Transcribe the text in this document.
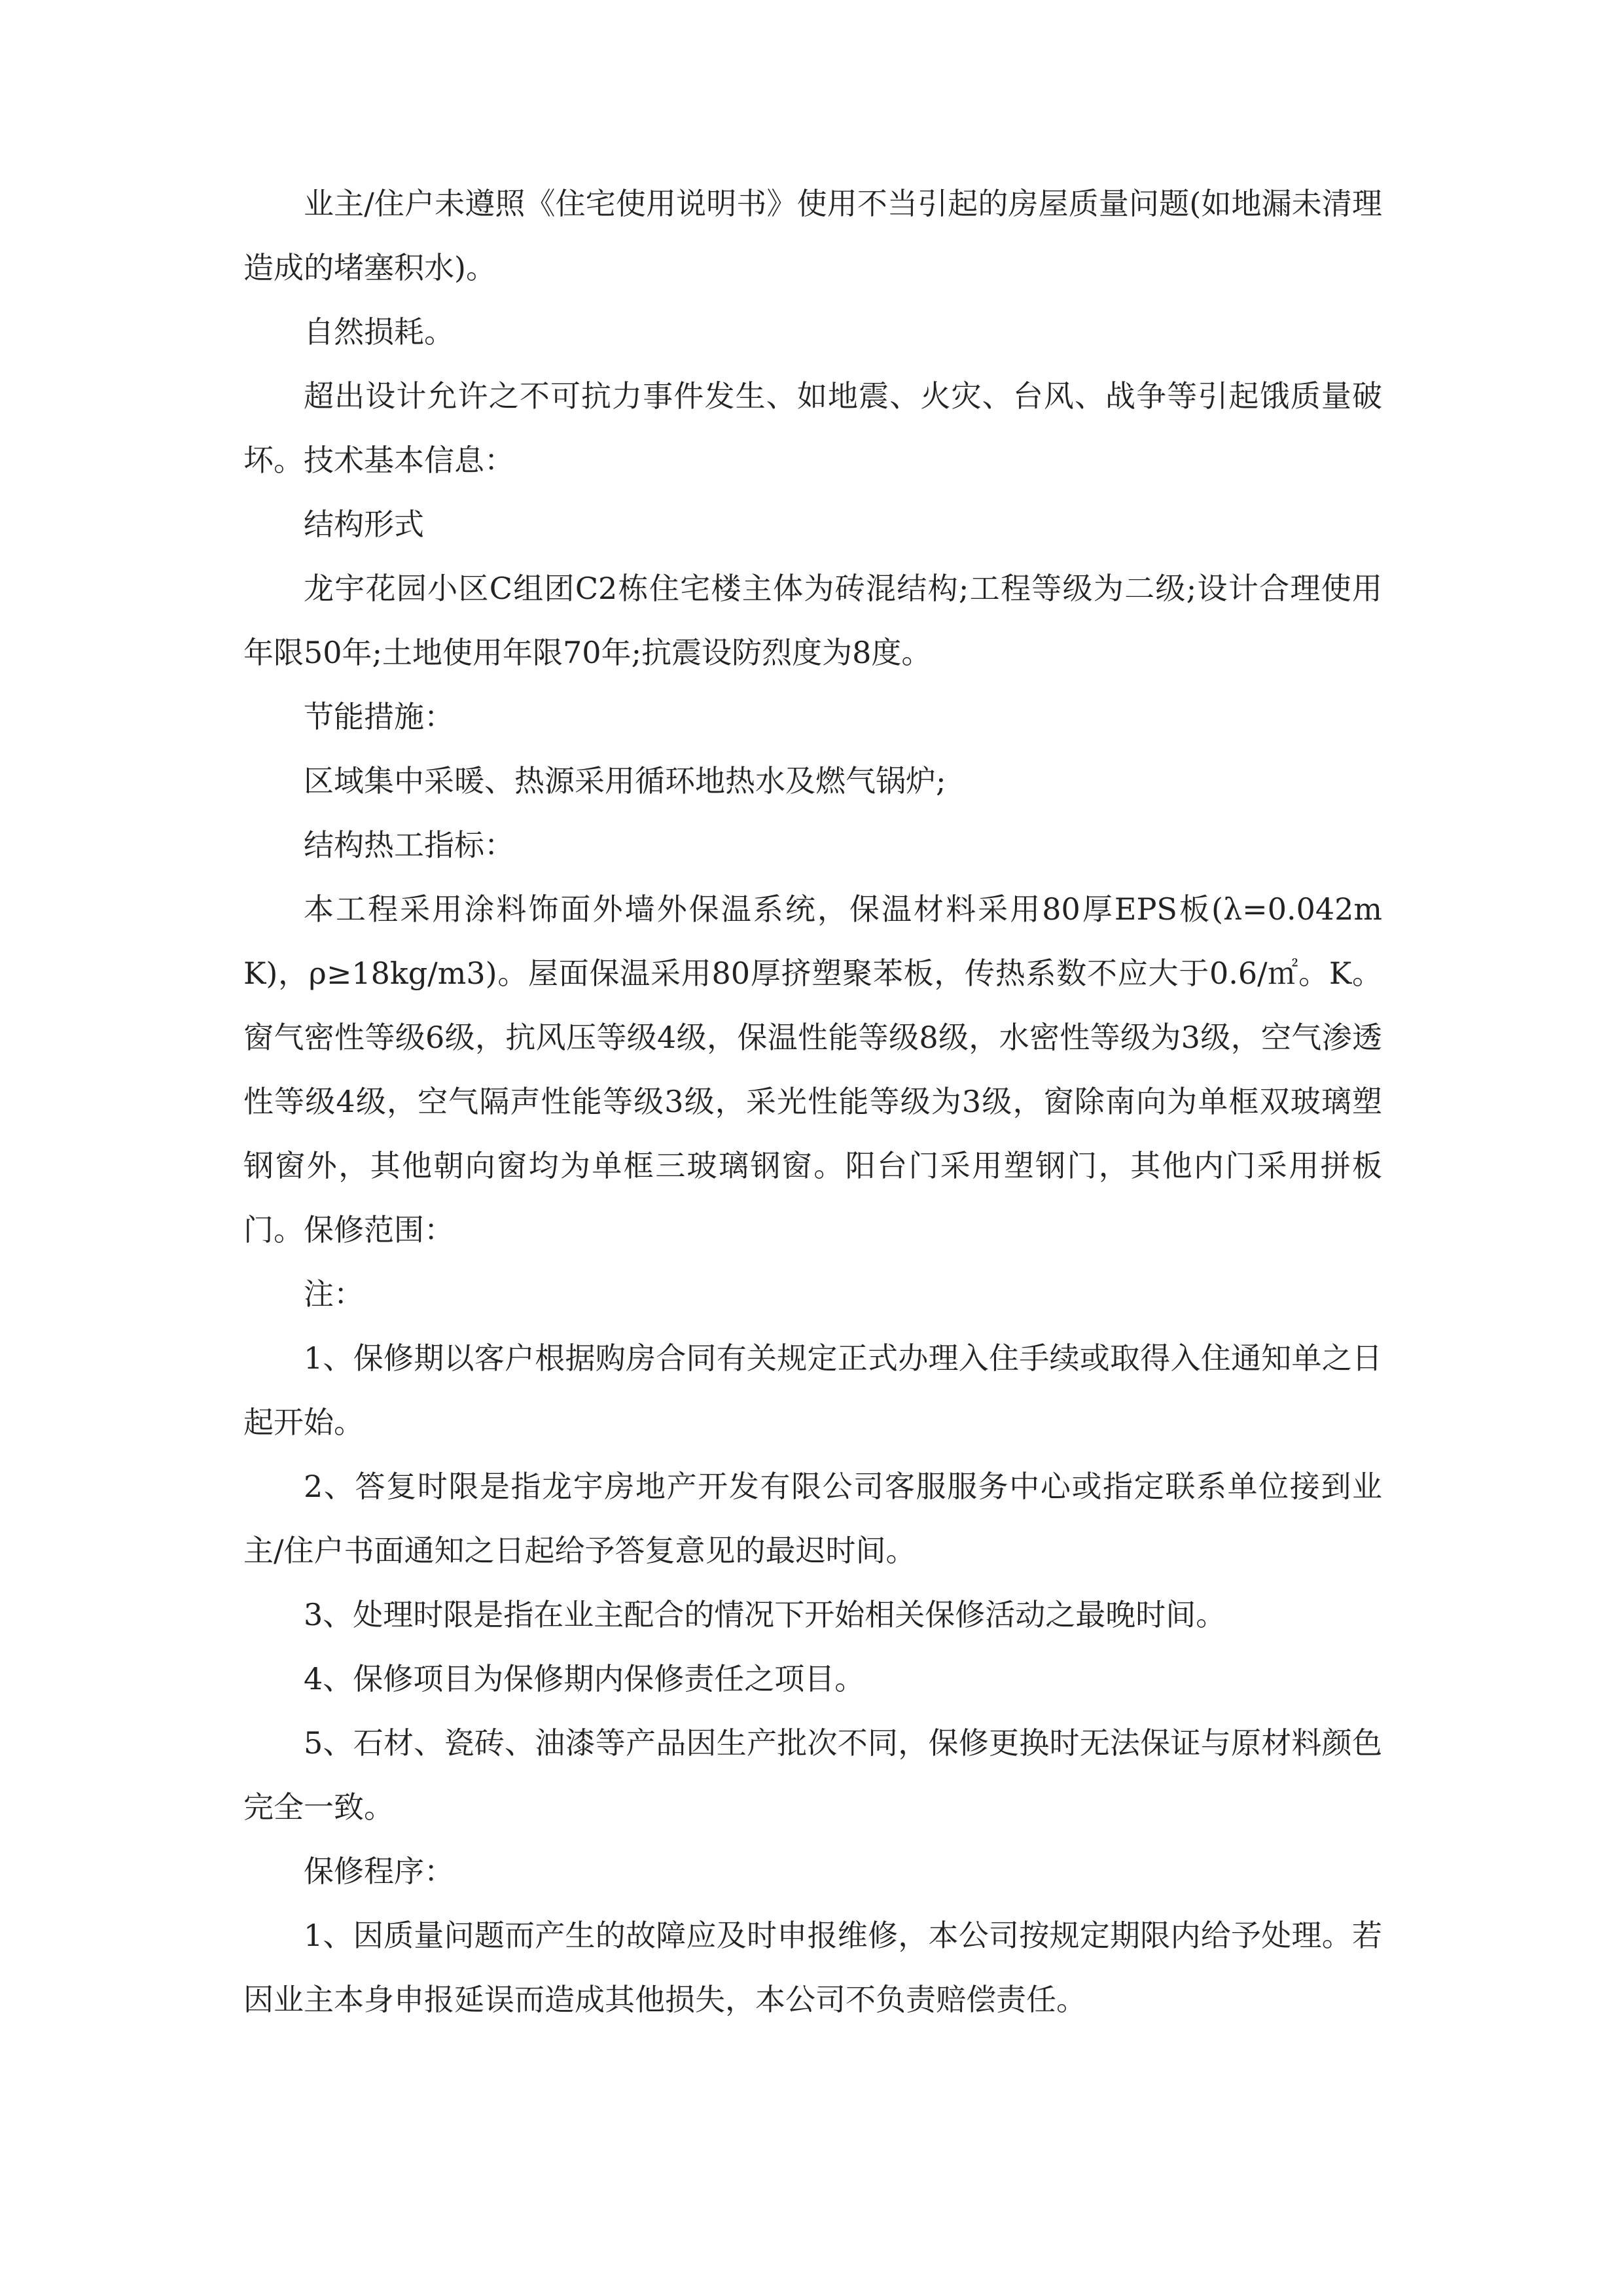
业主/住户未遵照《住宅使用说明书》使用不当引起的房屋质量问题(如地漏未清理造成的堵塞积水)。

自然损耗。

超出设计允许之不可抗力事件发生、如地震、火灾、台风、战争等引起饿质量破坏。技术基本信息：

结构形式

龙宇花园小区C组团C2栋住宅楼主体为砖混结构;工程等级为二级;设计合理使用年限50年;土地使用年限70年;抗震设防烈度为8度。

节能措施：

区域集中采暖、热源采用循环地热水及燃气锅炉;

结构热工指标：

本工程采用涂料饰面外墙外保温系统，保温材料采用80厚EPS板(λ=0.042mK)，ρ≥18kg/m3)。屋面保温采用80厚挤塑聚苯板，传热系数不应大于0.6/㎡。K。窗气密性等级6级，抗风压等级4级，保温性能等级8级，水密性等级为3级，空气渗透性等级4级，空气隔声性能等级3级，采光性能等级为3级，窗除南向为单框双玻璃塑钢窗外，其他朝向窗均为单框三玻璃钢窗。阳台门采用塑钢门，其他内门采用拼板门。保修范围：

注：

1、保修期以客户根据购房合同有关规定正式办理入住手续或取得入住通知单之日起开始。

2、答复时限是指龙宇房地产开发有限公司客服服务中心或指定联系单位接到业主/住户书面通知之日起给予答复意见的最迟时间。

3、处理时限是指在业主配合的情况下开始相关保修活动之最晚时间。

4、保修项目为保修期内保修责任之项目。

5、石材、瓷砖、油漆等产品因生产批次不同，保修更换时无法保证与原材料颜色完全一致。

保修程序：

1、因质量问题而产生的故障应及时申报维修，本公司按规定期限内给予处理。若因业主本身申报延误而造成其他损失，本公司不负责赔偿责任。
